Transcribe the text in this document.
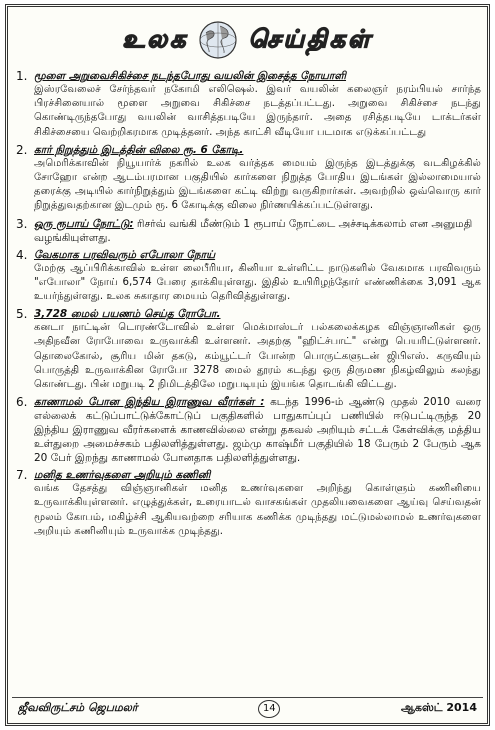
உலக	செய்திகள்
1. மூளை அறுவைசிகிச்சை நடந்தபோது வயலின் இசைத்த நோயாளி
இஸ்ரவேலைச் சேர்ந்தவர் நகோமி எலிஷெல். இவர் வயலின் கலைஞர் நரம்பியல் சார்ந்த பிரச்சினையால் மூளை அறுவை சிகிச்சை நடத்தப்பட்டது. அறுவை சிகிச்சை நடந்து கொண்டிருந்தபோது வயலின் வாசித்தபடியே இருந்தார். அதை ரசித்தபடியே டாக்டர்கள் சிகிச்சையை வெற்றிகரமாக முடித்தனர். அந்த காட்சி வீடியோ படமாக எடுக்கப்பட்டது
2. கார் நிறுத்தும் இடத்தின் விலை ரூ. 6 கோடி.
அமெரிக்காவின் நியூயார்க் நகரில் உலக வர்த்தக மையம் இருந்த இடத்துக்கு வடகிழக்கில் சோஹோ என்ற ஆடம்பரமான பகுதியில் கார்களை நிறுத்த போதிய இடங்கள் இல்லாமையால் தரைக்கு அடியில் கார்நிறுத்தும் இடங்களை கட்டி விற்று வருகிறார்கள். அவற்றில் ஒவ்வொரு கார் நிறுத்துவதற்கான இடமும் ரூ. 6 கோடிக்கு விலை நிர்ணயிக்கப்பட்டுள்ளது.
3. ஒரு ரூபாய் நோட்டு: ரிசர்வ் வங்கி மீண்டும் 1 ரூபாய் நோட்டை அச்சடிக்கலாம் என அனுமதி வழங்கியுள்ளது.
4. வேகமாக பரவிவரும் எபோலா நோய்
மேற்கு ஆப்பிரிக்காவில் உள்ள லைபீரியா, கினியா உள்ளிட்ட நாடுகளில் வேகமாக பரவிவரும் "எபோலா" நோய் 6,574 பேரை தாக்கியுள்ளது. இதில் உயிரிழந்தோர் எண்ணிக்கை 3,091 ஆக உயர்ந்துள்ளது. உலக சுகாதார மையம் தெரிவித்துள்ளது.
5. 3,728 மைல் பயணம் செய்த ரோபோ.
கனடா நாட்டின் டொரண்டோவில் உள்ள மெக்மாஸ்டர் பல்கலைக்கழக விஞ்ஞானிகள் ஒரு அதிநவீன ரோபோவை உருவாக்கி உள்ளனர். அதற்கு "ஹிட்ச்பாட்" என்று பெயரிட்டுள்ளனர். தொலைகோல், சூரிய மின் தகடு, கம்யூட்டர் போன்ற பொருட்களுடன் ஜிபிஎஸ். கருவியும் பொருத்தி உருவாக்கின ரோபோ 3278 மைல் தூரம் கடந்து ஒரு திருமண நிகழ்விலும் கலந்து கொண்டது. பின் மறுபடி 2 நிமிடத்திலே மறுபடியும் இயங்க தொடங்கி விட்டது.
6. காணாமல் போன இந்திய இராணுவ வீரர்கள் : கடந்த 1996-ம் ஆண்டு முதல் 2010 வரை எல்லைக் கட்டுப்பாட்டுக்கோட்டுப் பகுதிகளில் பாதுகாப்புப் பணியில் ஈடுபட்டிருந்த 20 இந்திய இராணுவ வீரர்களைக் காணவில்லை என்று தகவல் அறியும் சட்டக் கேள்விக்கு மத்திய உள்துறை அமைச்சகம் பதிலளித்துள்ளது. ஜம்மு காஷ்மீர் பகுதியில் 18 பேரும் 2 பேரும் ஆக 20 பேர் இறந்து காணாமல் போனதாக பதிலளித்துள்ளது.
7. மனித உணர்வுகளை அறியும் கணினி
வங்க தேசத்து விஞ்ஞானிகள் மனித உணர்வுகளை அறிந்து கொள்ளும் கணினியை உருவாக்கியுள்ளனர். எழுத்துக்கள், உரையாடல் வாசகங்கள் முதலியவைகளை ஆய்வு செய்வதன் மூலம் கோபம், மகிழ்ச்சி ஆகியவற்றை சரியாக கணிக்க முடிந்தது மட்டுமல்லாமல் உணர்வுகளை அறியும் கணினியும் உருவாக்க முடிந்தது.
ஜீவவிருட்சம் ஜெபமலர்	14	ஆகஸ்ட் 2014
